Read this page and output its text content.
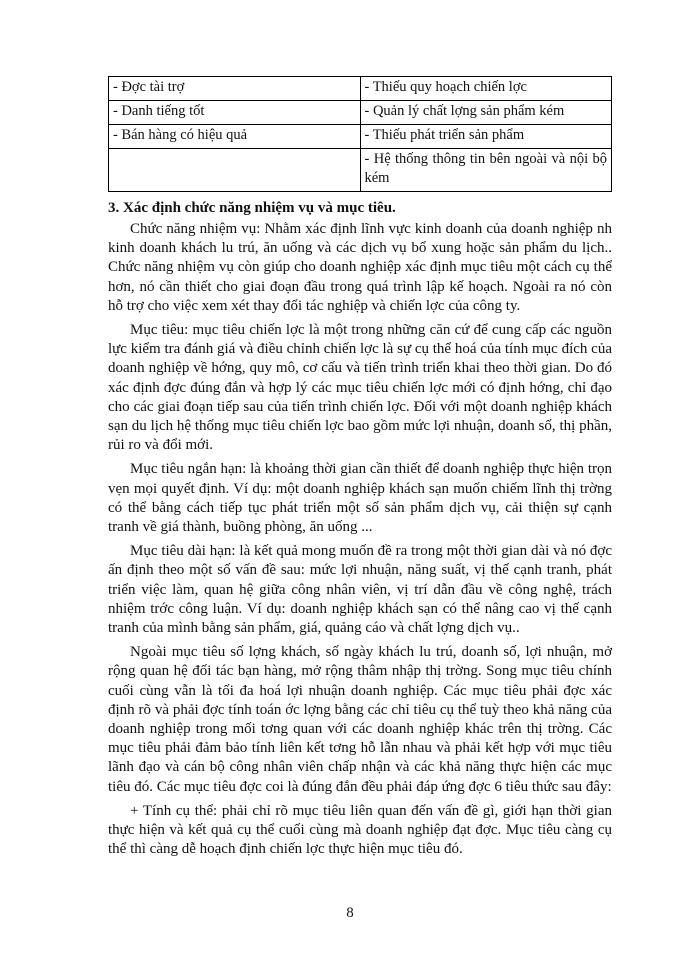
- Đợc tài trợ	- Thiếu quy hoạch chiến lợc
- Danh tiếng tốt	- Quản lý chất lợng sản phẩm kém
- Bán hàng có hiệu quả	- Thiếu phát triển sản phẩm
	- Hệ thống thông tin bên ngoài và nội bộ kém
3. Xác định chức năng nhiệm vụ và mục tiêu.

Chức năng nhiệm vụ: Nhằm xác định lĩnh vực kinh doanh của doanh nghiệp nh kinh doanh khách lu trú, ăn uống và các dịch vụ bổ xung hoặc sản phẩm du lịch.. Chức năng nhiệm vụ còn giúp cho doanh nghiệp xác định mục tiêu một cách cụ thể hơn, nó cần thiết cho giai đoạn đầu trong quá trình lập kế hoạch. Ngoài ra nó còn hỗ trợ cho việc xem xét thay đổi tác nghiệp và chiến lợc của công ty.

Mục tiêu: mục tiêu chiến lợc là một trong những căn cứ để cung cấp các nguồn lực kiểm tra đánh giá và điều chỉnh chiến lợc là sự cụ thể hoá của tính mục đích của doanh nghiệp về hớng, quy mô, cơ cấu và tiến trình triển khai theo thời gian. Do đó xác định đợc đúng đắn và hợp lý các mục tiêu chiến lợc mới có định hớng, chỉ đạo cho các giai đoạn tiếp sau của tiến trình chiến lợc. Đối với một doanh nghiệp khách sạn du lịch hệ thống mục tiêu chiến lợc bao gồm mức lợi nhuận, doanh số, thị phần, rủi ro và đổi mới.

Mục tiêu ngắn hạn: là khoảng thời gian cần thiết để doanh nghiệp thực hiện trọn vẹn mọi quyết định. Ví dụ: một doanh nghiệp khách sạn muốn chiếm lĩnh thị trờng có thể bằng cách tiếp tục phát triển một số sản phẩm dịch vụ, cải thiện sự cạnh tranh về giá thành, buồng phòng, ăn uống ...

Mục tiêu dài hạn: là kết quả mong muốn đề ra trong một thời gian dài và nó đợc ấn định theo một số vấn đề sau: mức lợi nhuận, năng suất, vị thế cạnh tranh, phát triển việc làm, quan hệ giữa công nhân viên, vị trí dẫn đầu về công nghệ, trách nhiệm trớc công luận. Ví dụ: doanh nghiệp khách sạn có thể nâng cao vị thế cạnh tranh của mình bằng sản phẩm, giá, quảng cáo và chất lợng dịch vụ..

Ngoài mục tiêu số lợng khách, số ngày khách lu trú, doanh số, lợi nhuận, mở rộng quan hệ đối tác bạn hàng, mở rộng thâm nhập thị trờng. Song mục tiêu chính cuối cùng vẫn là tối đa hoá lợi nhuận doanh nghiệp. Các mục tiêu phải đợc xác định rõ và phải đợc tính toán ớc lợng bằng các chỉ tiêu cụ thể tuỳ theo khả năng của doanh nghiệp trong mối tơng quan với các doanh nghiệp khác trên thị trờng. Các mục tiêu phải đảm bảo tính liên kết tơng hỗ lẫn nhau và phải kết hợp với mục tiêu lãnh đạo và cán bộ công nhân viên chấp nhận và các khả năng thực hiện các mục tiêu đó. Các mục tiêu đợc coi là đúng đắn đều phải đáp ứng đợc 6 tiêu thức sau đây:

+ Tính cụ thể: phải chỉ rõ mục tiêu liên quan đến vấn đề gì, giới hạn thời gian thực hiện và kết quả cụ thể cuối cùng mà doanh nghiệp đạt đợc. Mục tiêu càng cụ thể thì càng dễ hoạch định chiến lợc thực hiện mục tiêu đó.

8
